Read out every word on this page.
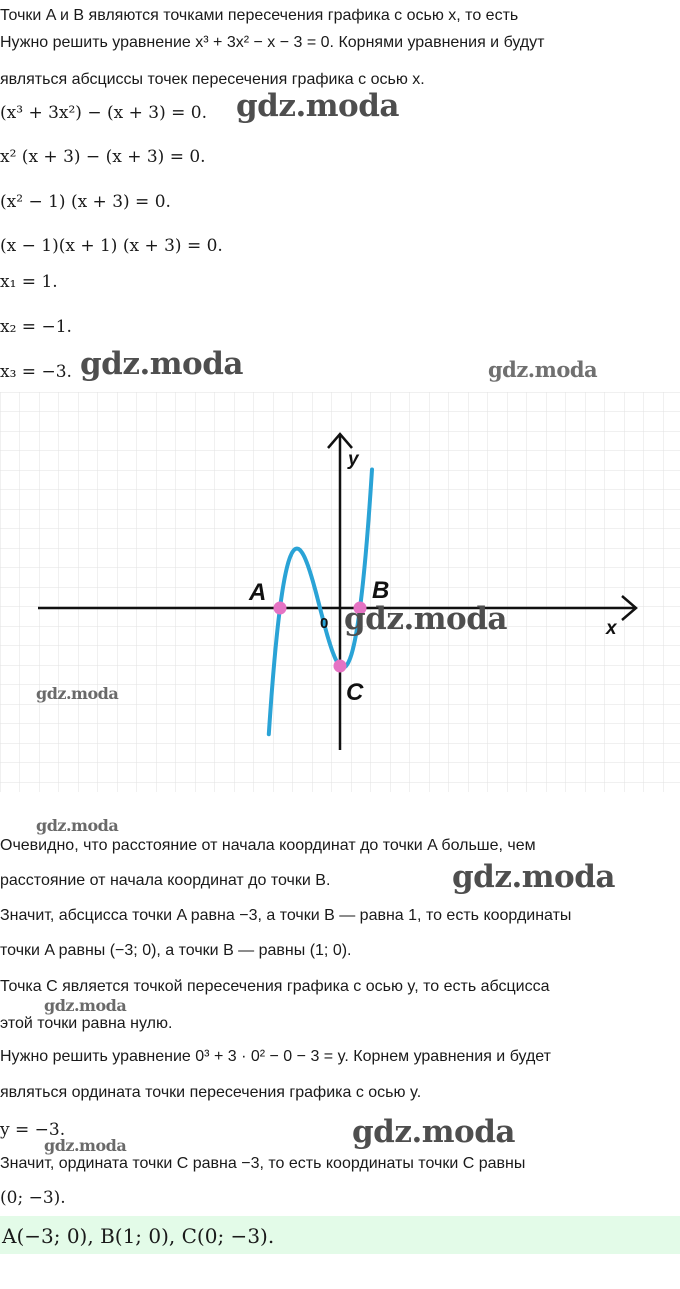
Точки A и B являются точками пересечения графика с осью x, то есть
Нужно решить уравнение x³ + 3x² − x − 3 = 0. Корнями уравнения и будут
являться абсциссы точек пересечения графика с осью x.
(x³ + 3x²) − (x + 3) = 0.
x² (x + 3) − (x + 3) = 0.
(x² − 1) (x + 3) = 0.
(x − 1)(x + 1) (x + 3) = 0.
x₁ = 1.
x₂ = −1.
x₃ = −3.
A	B
C
y
x
0
Очевидно, что расстояние от начала координат до точки A больше, чем
расстояние от начала координат до точки B.
Значит, абсцисса точки A равна −3, а точки B — равна 1, то есть координаты
точки A равны (−3; 0), а точки B — равны (1; 0).
Точка C является точкой пересечения графика с осью y, то есть абсцисса
этой точки равна нулю.
Нужно решить уравнение 0³ + 3 · 0² − 0 − 3 = y. Корнем уравнения и будет
являться ордината точки пересечения графика с осью y.
y = −3.
Значит, ордината точки C равна −3, то есть координаты точки C равны
(0; −3).
A(−3; 0), B(1; 0), C(0; −3).
gdz.moda
gdz.moda	gdz.moda
gdz.moda
gdz.moda
gdz.moda
gdz.moda
gdz.moda
gdz.moda
gdz.moda
